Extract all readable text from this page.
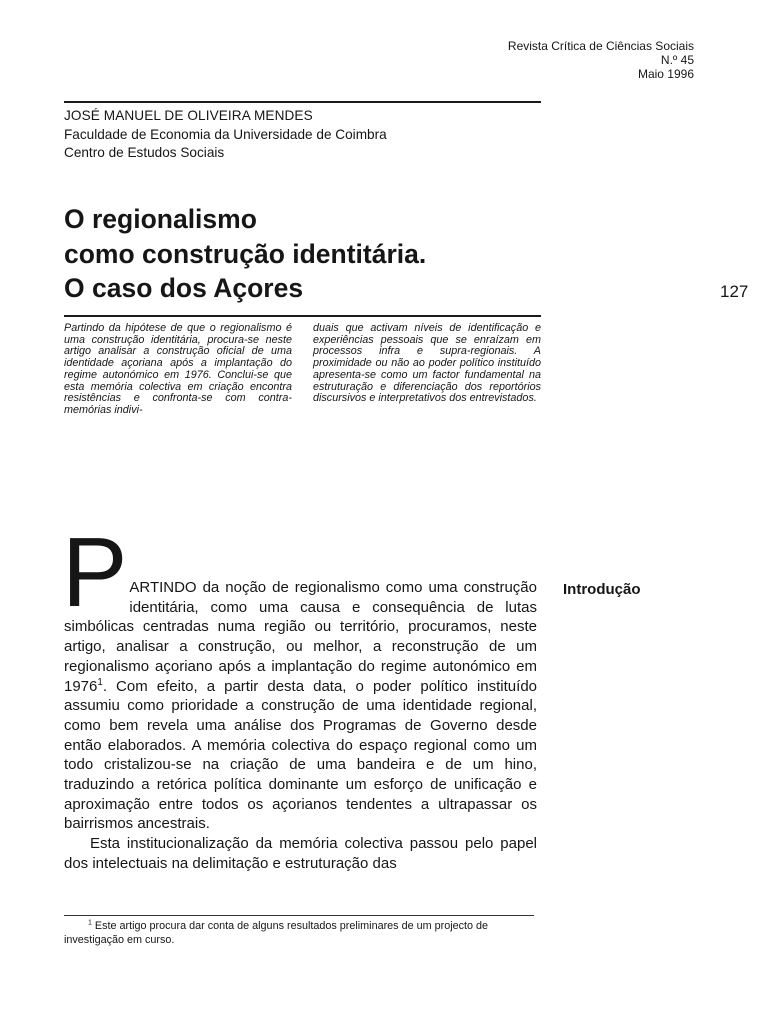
Revista Crítica de Ciências Sociais
N.º 45
Maio 1996
JOSÉ MANUEL DE OLIVEIRA MENDES
Faculdade de Economia da Universidade de Coimbra
Centro de Estudos Sociais
O regionalismo
como construção identitária.
O caso dos Açores	127

Partindo da hipótese de que o regionalismo é uma construção identitária, procura-se neste artigo analisar a construção oficial de uma identidade açoriana após a implantação do regime autonómico em 1976. Conclui-se que esta memória colectiva em criação encontra resistências e confronta-se com contra-memórias indivi-

duais que activam níveis de identificação e experiências pessoais que se enraízam em processos infra e supra-regionais. A proximidade ou não ao poder político instituído apresenta-se como um factor fundamental na estruturação e diferenciação dos reportórios discursivos e interpretativos dos entrevistados.

Introdução
P ARTINDO da noção de regionalismo como uma construção identitária, como uma causa e consequência de lutas simbólicas centradas numa região ou território, procuramos, neste artigo, analisar a construção, ou melhor, a reconstrução de um regionalismo açoriano após a implantação do regime autonómico em 1976$^1$. Com efeito, a partir desta data, o poder político instituído assumiu como prioridade a construção de uma identidade regional, como bem revela uma análise dos Programas de Governo desde então elaborados. A memória colectiva do espaço regional como um todo cristalizou-se na criação de uma bandeira e de um hino, traduzindo a retórica política dominante um esforço de unificação e aproximação entre todos os açorianos tendentes a ultrapassar os bairrismos ancestrais.

Esta institucionalização da memória colectiva passou pelo papel dos intelectuais na delimitação e estruturação das

$^1$ Este artigo procura dar conta de alguns resultados preliminares de um projecto de investigação em curso.
